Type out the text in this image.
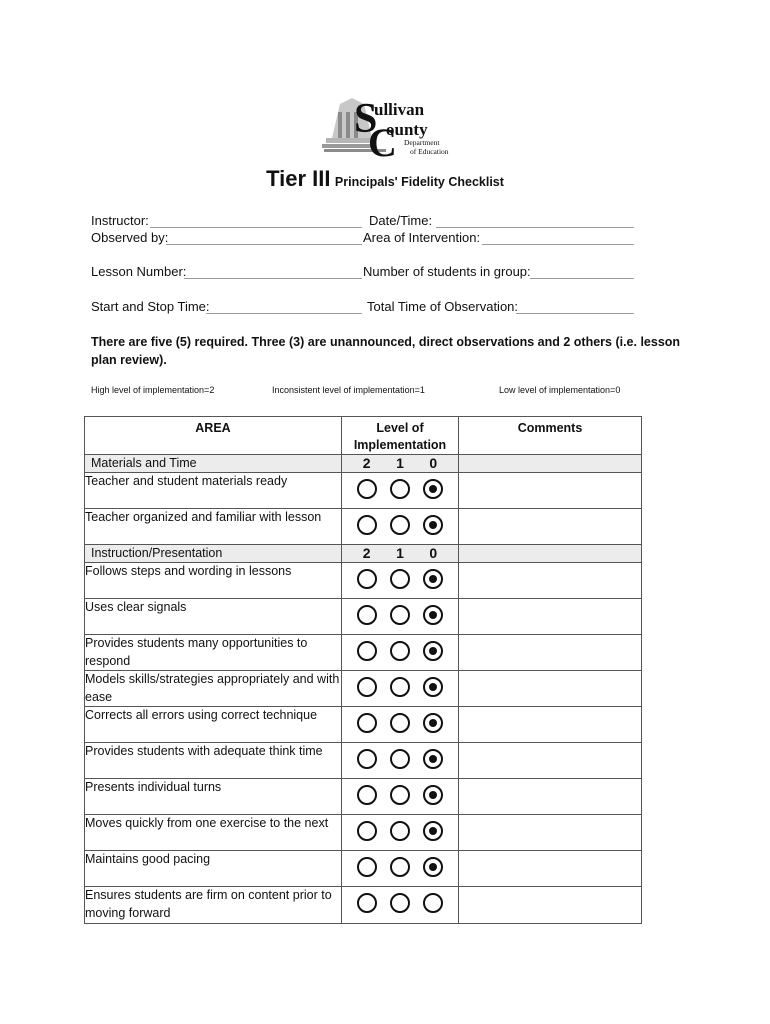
S
C
ullivan
ounty
Department
of Education
Tier III Principals' Fidelity Checklist
Instructor:	Date/Time:
Observed by:	Area of Intervention:
Lesson Number:	Number of students in group:
Start and Stop Time:	Total Time of Observation:
There are five (5) required. Three (3) are unannounced, direct observations and 2 others (i.e. lesson plan review).
High level of implementation=2	Inconsistent level of implementation=1	Low level of implementation=0
AREA	Level of Implementation	Comments
Materials and Time	2 1 0	

Teacher and student materials ready	

Teacher organized and familiar with lesson	

Instruction/Presentation	2 1 0	

Follows steps and wording in lessons	

Uses clear signals	

Provides students many opportunities to respond	

Models skills/strategies appropriately and with ease	

Corrects all errors using correct technique	

Provides students with adequate think time	

Presents individual turns	

Moves quickly from one exercise to the next	

Maintains good pacing	

Ensures students are firm on content prior to moving forward	
